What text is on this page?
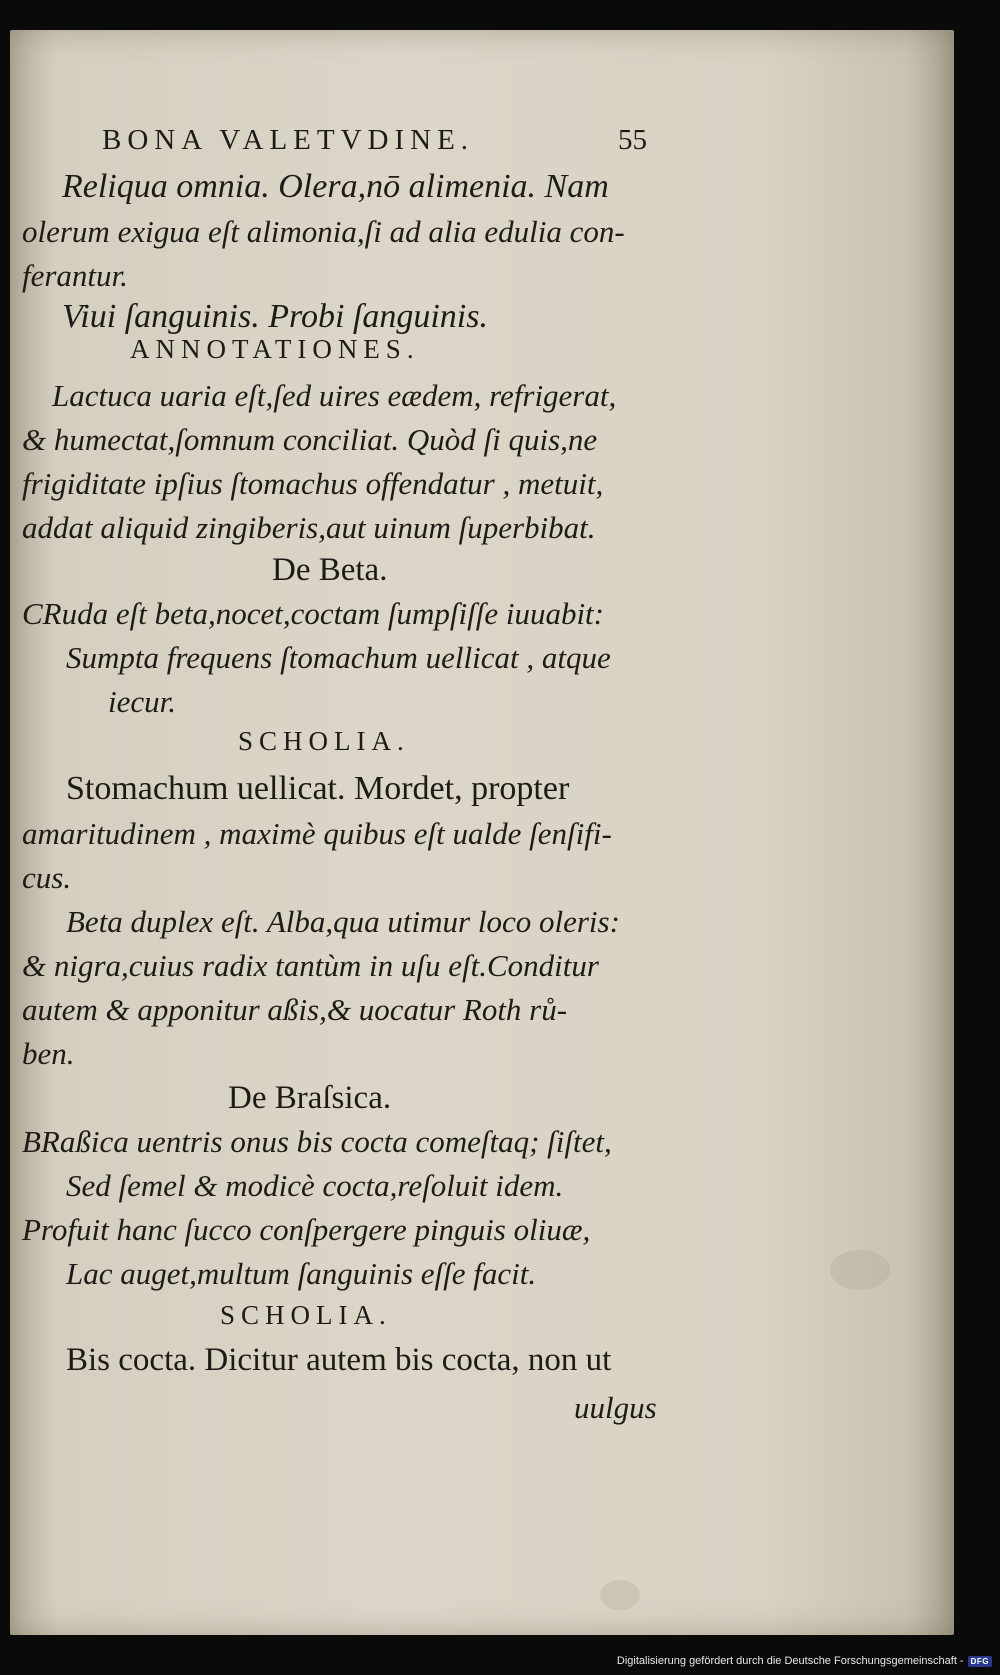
BONA VALETVDINE.	55
Reliqua omnia. Olera,nō alimenia. Nam
olerum exigua eſt alimonia,ſi ad alia edulia con-
ferantur.
Viui ſanguinis. Probi ſanguinis.
ANNOTATIONES.
Lactuca uaria eſt,ſed uires eædem, refrigerat,
& humectat,ſomnum conciliat. Quòd ſi quis,ne
frigiditate ipſius ſtomachus offendatur , metuit,
addat aliquid zingiberis,aut uinum ſuperbibat.
De Beta.
CRuda eſt beta,nocet,coctam ſumpſiſſe iuuabit:
Sumpta frequens ſtomachum uellicat , atque
iecur.
SCHOLIA.
Stomachum uellicat. Mordet, propter
amaritudinem , maximè quibus eſt ualde ſenſifi-
cus.
Beta duplex eſt. Alba,qua utimur loco oleris:
& nigra,cuius radix tantùm in uſu eſt.Conditur
autem & apponitur aßis,& uocatur Roth rů-
ben.
De Braſsica.
BRaßica uentris onus bis cocta comeſtaq; ſiſtet,
Sed ſemel & modicè cocta,reſoluit idem.
Profuit hanc ſucco conſpergere pinguis oliuæ,
Lac auget,multum ſanguinis eſſe facit.
SCHOLIA.
Bis cocta. Dicitur autem bis cocta, non ut
uulgus
Digitalisierung gefördert durch die Deutsche Forschungsgemeinschaft - DFG
